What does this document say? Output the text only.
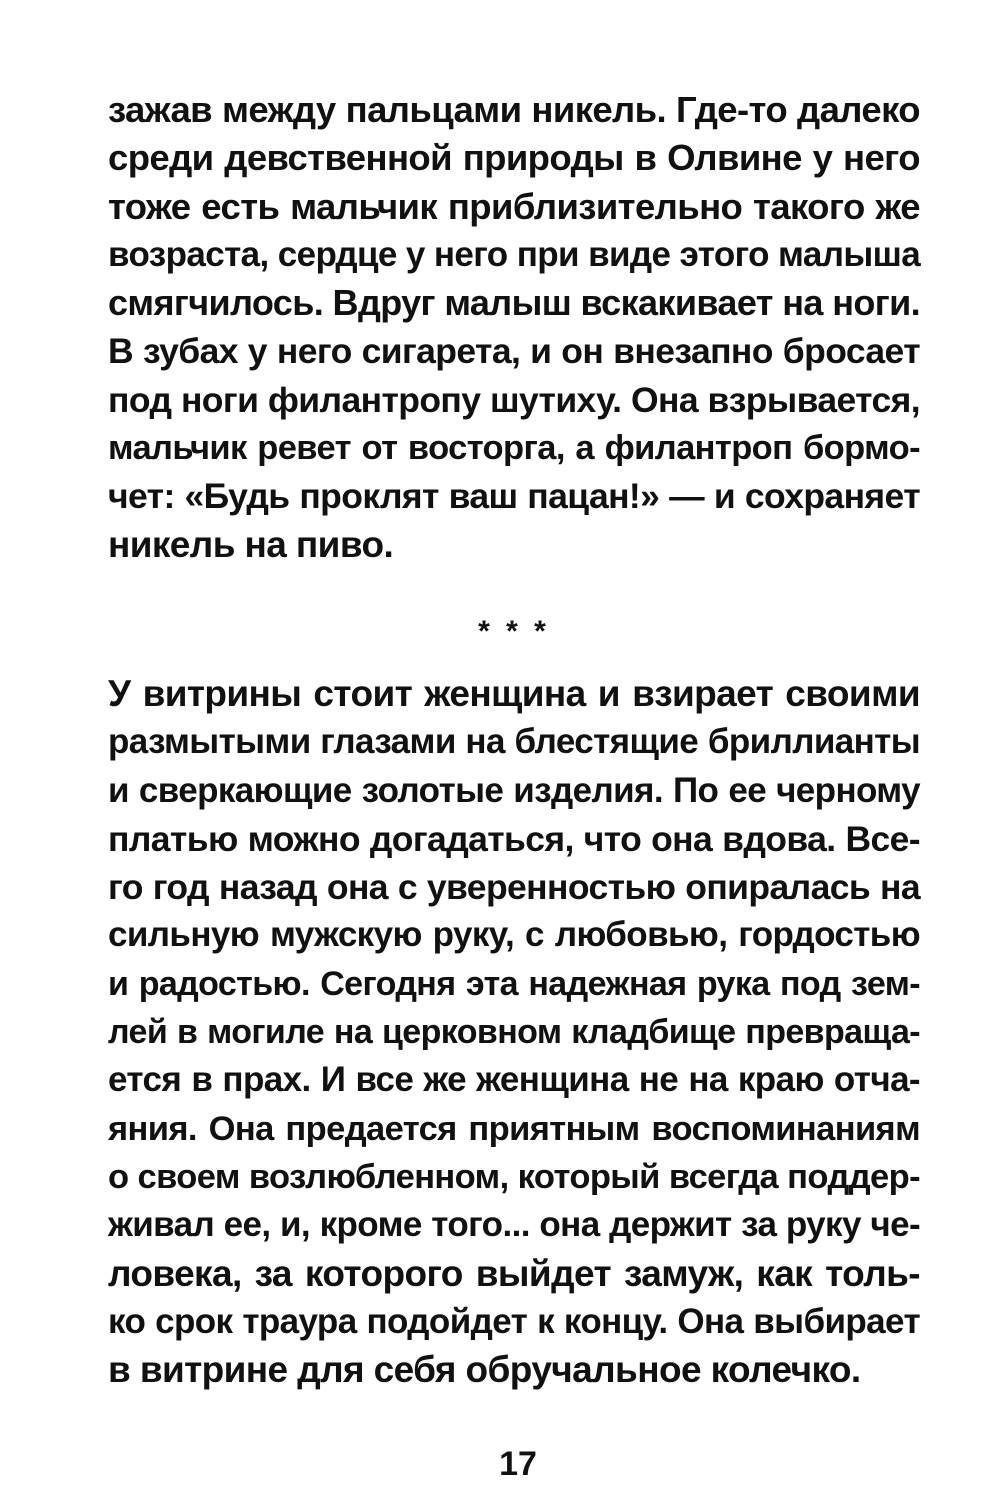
зажав между пальцами никель. Где-то далеко
среди девственной природы в Олвине у него
тоже есть мальчик приблизительно такого же
возраста, сердце у него при виде этого малыша
смягчилось. Вдруг малыш вскакивает на ноги.
В зубах у него сигарета, и он внезапно бросает
под ноги филантропу шутиху. Она взрывается,
мальчик ревет от восторга, а филантроп бормо-
чет: «Будь проклят ваш пацан!» — и сохраняет
никель на пиво.
* * *
У витрины стоит женщина и взирает своими
размытыми глазами на блестящие бриллианты
и сверкающие золотые изделия. По ее черному
платью можно догадаться, что она вдова. Все-
го год назад она с уверенностью опиралась на
сильную мужскую руку, с любовью, гордостью
и радостью. Сегодня эта надежная рука под зем-
лей в могиле на церковном кладбище превраща-
ется в прах. И все же женщина не на краю отча-
яния. Она предается приятным воспоминаниям
о своем возлюбленном, который всегда поддер-
живал ее, и, кроме того... она держит за руку че-
ловека, за которого выйдет замуж, как толь-
ко срок траура подойдет к концу. Она выбирает
в витрине для себя обручальное колечко.
17
